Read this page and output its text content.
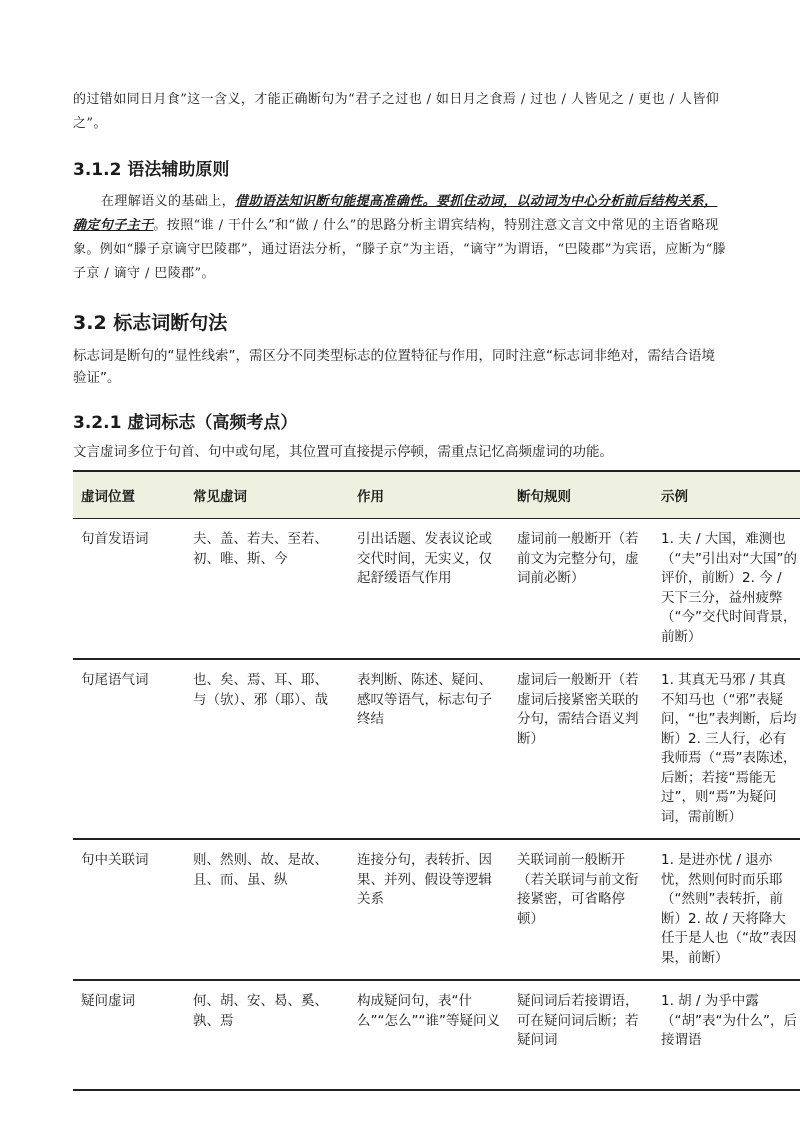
的过错如同日月食”这一含义，才能正确断句为“君子之过也 / 如日月之食焉 / 过也 / 人皆见之 / 更也 / 人皆仰之”。

3.1.2 语法辅助原则

在理解语义的基础上，借助语法知识断句能提高准确性。要抓住动词，以动词为中心分析前后结构关系，确定句子主干。按照“谁 / 干什么”和“做 / 什么”的思路分析主谓宾结构，特别注意文言文中常见的主语省略现象。例如“滕子京谪守巴陵郡”，通过语法分析，“滕子京”为主语，“谪守”为谓语，“巴陵郡”为宾语，应断为“滕子京 / 谪守 / 巴陵郡”。

3.2 标志词断句法

标志词是断句的“显性线索”，需区分不同类型标志的位置特征与作用，同时注意“标志词非绝对，需结合语境验证”。

3.2.1 虚词标志（高频考点）

文言虚词多位于句首、句中或句尾，其位置可直接提示停顿，需重点记忆高频虚词的功能。

虚词位置	常见虚词	作用	断句规则	示例
句首发语词	夫、盖、若夫、至若、初、唯、斯、今	引出话题、发表议论或交代时间，无实义，仅起舒缓语气作用	虚词前一般断开（若前文为完整分句，虚词前必断）	1. 夫 / 大国，难测也（“夫”引出对“大国”的评价，前断）2. 今 / 天下三分，益州疲弊（“今”交代时间背景，前断）
句尾语气词	也、矣、焉、耳、耶、与（欤）、邪（耶）、哉	表判断、陈述、疑问、感叹等语气，标志句子终结	虚词后一般断开（若虚词后接紧密关联的分句，需结合语义判断）	1. 其真无马邪 / 其真不知马也（“邪”表疑问，“也”表判断，后均断）2. 三人行，必有我师焉（“焉”表陈述，后断；若接“焉能无过”，则“焉”为疑问词，需前断）
句中关联词	则、然则、故、是故、且、而、虽、纵	连接分句，表转折、因果、并列、假设等逻辑关系	关联词前一般断开（若关联词与前文衔接紧密，可省略停顿）	1. 是进亦忧 / 退亦忧，然则何时而乐耶（“然则”表转折，前断）2. 故 / 天将降大任于是人也（“故”表因果，前断）

疑问虚词	何、胡、安、曷、奚、孰、焉	构成疑问句，表“什么”“怎么”“谁”等疑问义	疑问词后若接谓语，可在疑问词后断；若疑问词	1. 胡 / 为乎中露（“胡”表“为什么”，后接谓语
